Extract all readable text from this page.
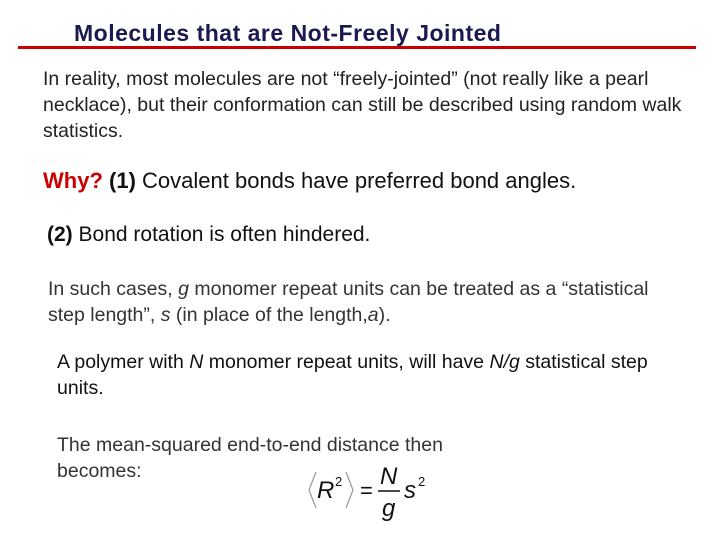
Molecules that are Not-Freely Jointed
In reality, most molecules are not “freely-jointed” (not really like a pearl necklace), but their conformation can still be described using random walk statistics.
Why? (1) Covalent bonds have preferred bond angles.
(2) Bond rotation is often hindered.
In such cases, g monomer repeat units can be treated as a “statistical step length”, s (in place of the length,a).
A polymer with N monomer repeat units, will have N/g statistical step units.
The mean-squared end-to-end distance then becomes:
R 2 =
N
g
s 2
